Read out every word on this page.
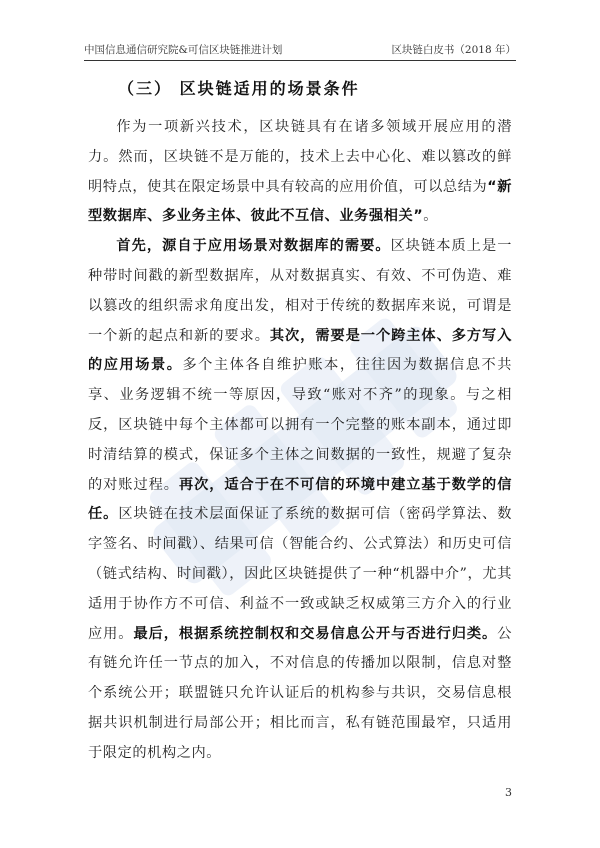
中国信息通信研究院&可信区块链推进计划	区块链白皮书（2018 年）
（三） 区块链适用的场景条件

作为一项新兴技术，区块链具有在诸多领域开展应用的潜力。然而，区块链不是万能的，技术上去中心化、难以篡改的鲜明特点，使其在限定场景中具有较高的应用价值，可以总结为“新型数据库、多业务主体、彼此不互信、业务强相关”。

首先，源自于应用场景对数据库的需要。区块链本质上是一种带时间戳的新型数据库，从对数据真实、有效、不可伪造、难以篡改的组织需求角度出发，相对于传统的数据库来说，可谓是一个新的起点和新的要求。其次，需要是一个跨主体、多方写入的应用场景。多个主体各自维护账本，往往因为数据信息不共享、业务逻辑不统一等原因，导致“账对不齐”的现象。与之相反，区块链中每个主体都可以拥有一个完整的账本副本，通过即时清结算的模式，保证多个主体之间数据的一致性，规避了复杂的对账过程。再次，适合于在不可信的环境中建立基于数学的信任。区块链在技术层面保证了系统的数据可信（密码学算法、数字签名、时间戳）、结果可信（智能合约、公式算法）和历史可信（链式结构、时间戳），因此区块链提供了一种“机器中介”，尤其适用于协作方不可信、利益不一致或缺乏权威第三方介入的行业应用。最后，根据系统控制权和交易信息公开与否进行归类。公有链允许任一节点的加入，不对信息的传播加以限制，信息对整个系统公开；联盟链只允许认证后的机构参与共识，交易信息根据共识机制进行局部公开；相比而言，私有链范围最窄，只适用于限定的机构之内。

3
